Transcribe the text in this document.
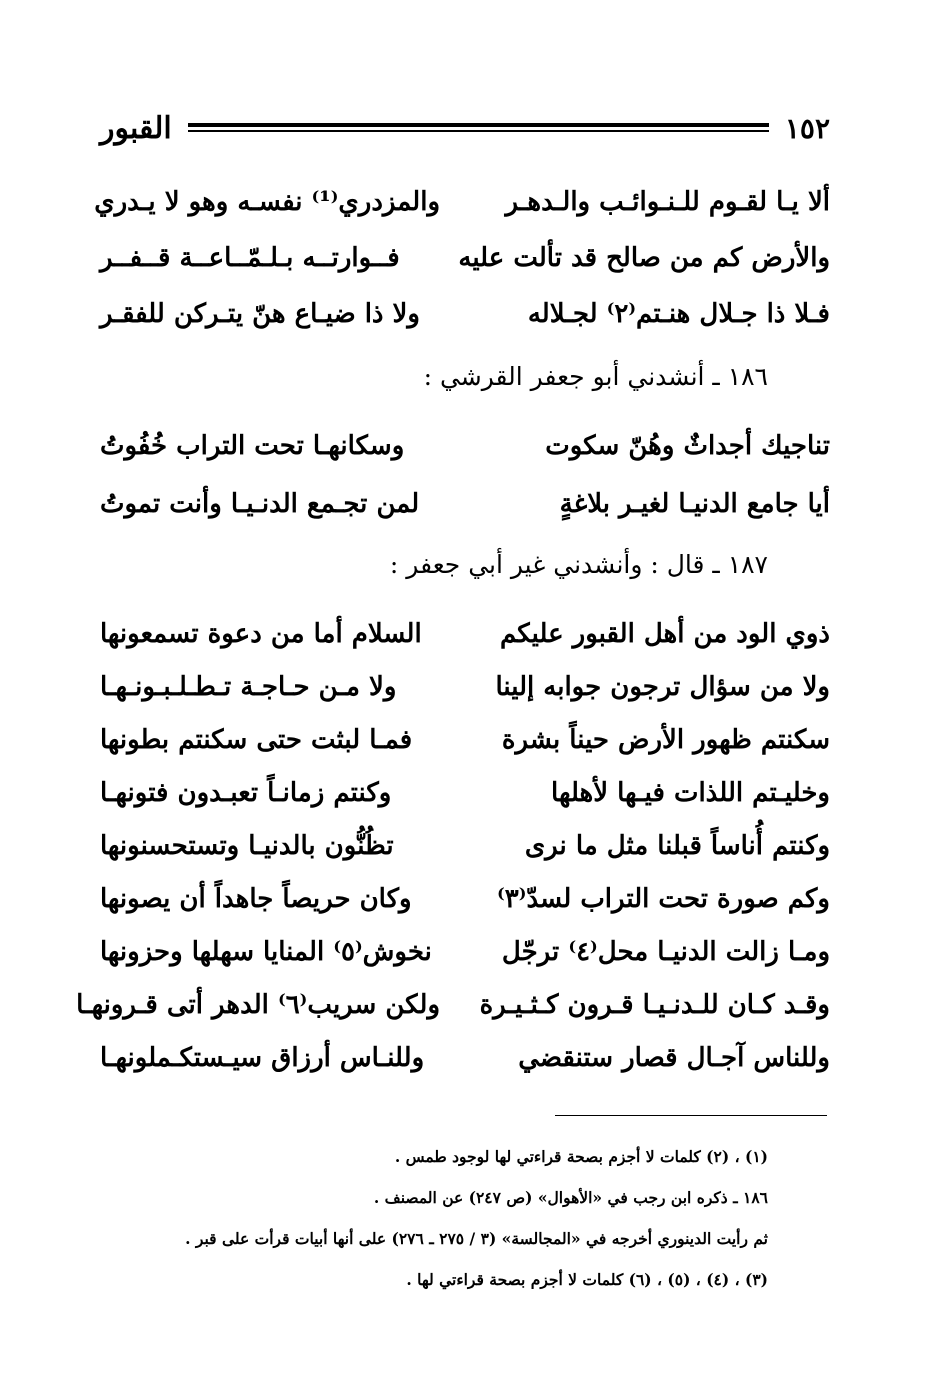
القبور	١٥٢
ألا يـا لقـوم للـنـوائـب والـدهـر
والمزدري⁽¹⁾ نفسـه وهو لا يـدري
والأرض كم من صالح قد تألت عليه
فــوارتــه بـلـمّــاعــة قــفــر
فـلا ذا جـلال هنـتم⁽٢⁾ لجـلاله
ولا ذا ضيـاع هنّ يتـركن للفقـر
١٨٦ ـ أنشدني أبو جعفر القرشي :
تناجيك أجداثٌ وهُنّ سكوت
وسكانهـا تحت التراب خُفُوتُ
أيا جامع الدنيـا لغيـر بلاغةٍ
لمن تجـمع الدنـيـا وأنت تموتُ
١٨٧ ـ قال : وأنشدني غير أبي جعفر :
ذوي الود من أهل القبور عليكم
السلام أما من دعوة تسمعونها
ولا من سؤال ترجون جوابه إلينا
ولا مـن حـاجـة تـطـلـبـونـهـا
سكنتم ظهور الأرض حيناً بشرة
فمـا لبثت حتى سكنتم بطونها
وخليـتم اللذات فيـها لأهلها
وكنتم زمانـاً تعبـدون فتونهـا
وكنتم أُناساً قبلنا مثل ما نرى
تظُنُّون بالدنيـا وتستحسنونها
وكم صورة تحت التراب لسدّ⁽٣⁾
وكان حريصاً جاهداً أن يصونها
ومـا زالت الدنيـا محل⁽٤⁾ ترجّل
نخوش⁽٥⁾ المنايا سهلها وحزونها
وقـد كـان للـدنـيـا قـرون كـثـيـرة
ولكن سريب⁽٦⁾ الدهر أتى قـرونهـا
وللناس آجـال قصار ستنقضي
وللنـاس أرزاق سيـستكـملونهـا
(١) ، (٢) كلمات لا أجزم بصحة قراءتي لها لوجود طمس .
١٨٦ ـ ذكره ابن رجب في «الأهوال» (ص ٢٤٧) عن المصنف .
ثم رأيت الدينوري أخرجه في «المجالسة» (٣ / ٢٧٥ ـ ٢٧٦) على أنها أبيات قرأت على قبر .
(٣) ، (٤) ، (٥) ، (٦) كلمات لا أجزم بصحة قراءتي لها .
